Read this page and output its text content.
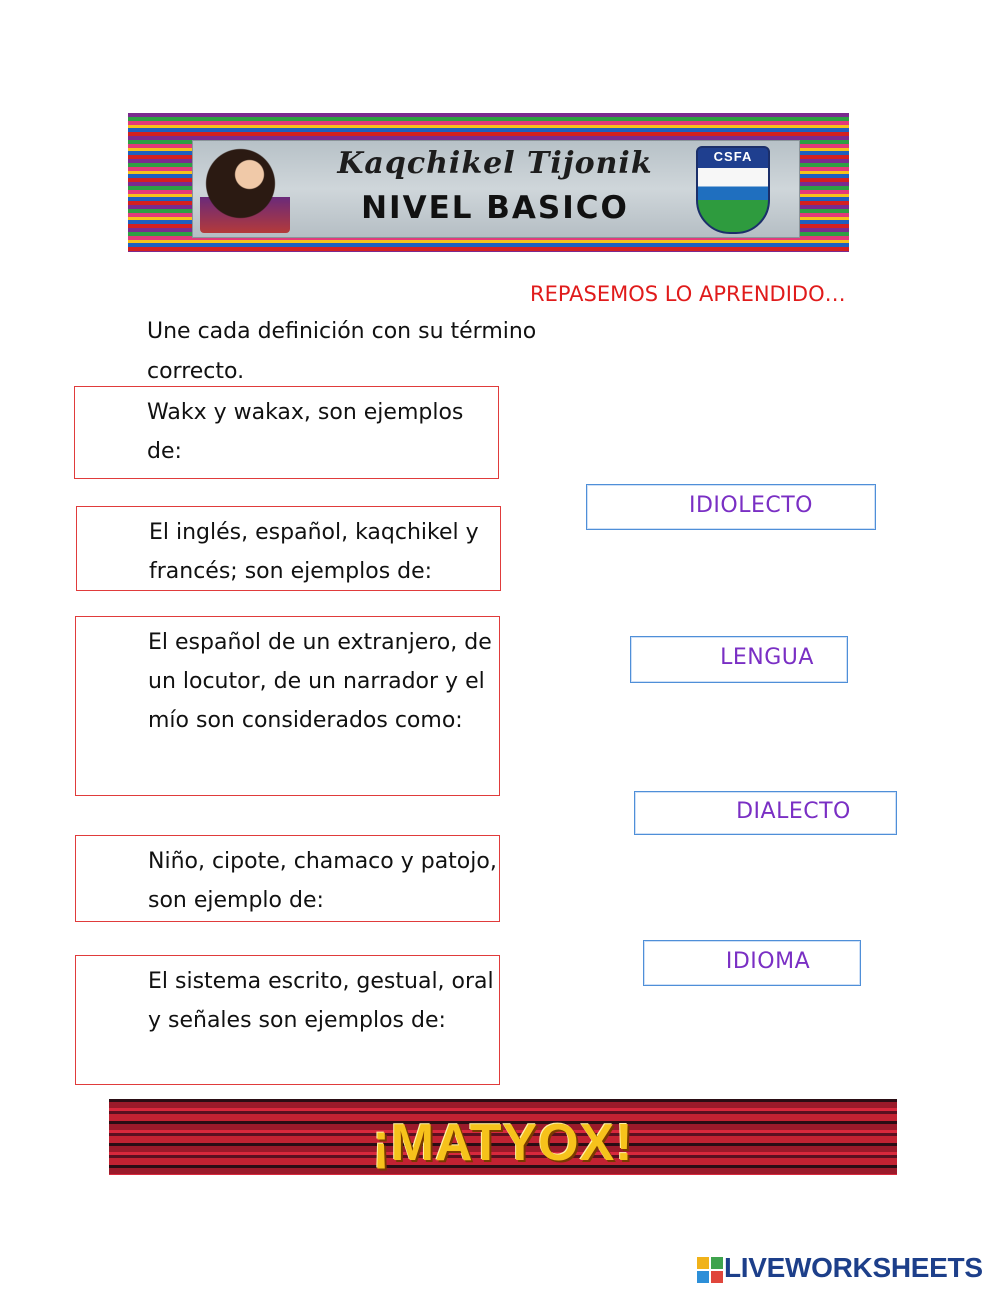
Kaqchikel Tijonik
NIVEL BASICO
CSFA
REPASEMOS LO APRENDIDO…
Une cada definición con su término correcto.
Wakx y wakax, son ejemplos de:
El inglés, español, kaqchikel y francés; son ejemplos de:
El español de un extranjero, de un locutor, de un narrador y el mío son considerados como:
Niño, cipote, chamaco y patojo, son ejemplo de:
El sistema escrito, gestual, oral y señales son ejemplos de:
IDIOLECTO
LENGUA
DIALECTO
IDIOMA
¡MATYOX!
LIVEWORKSHEETS
